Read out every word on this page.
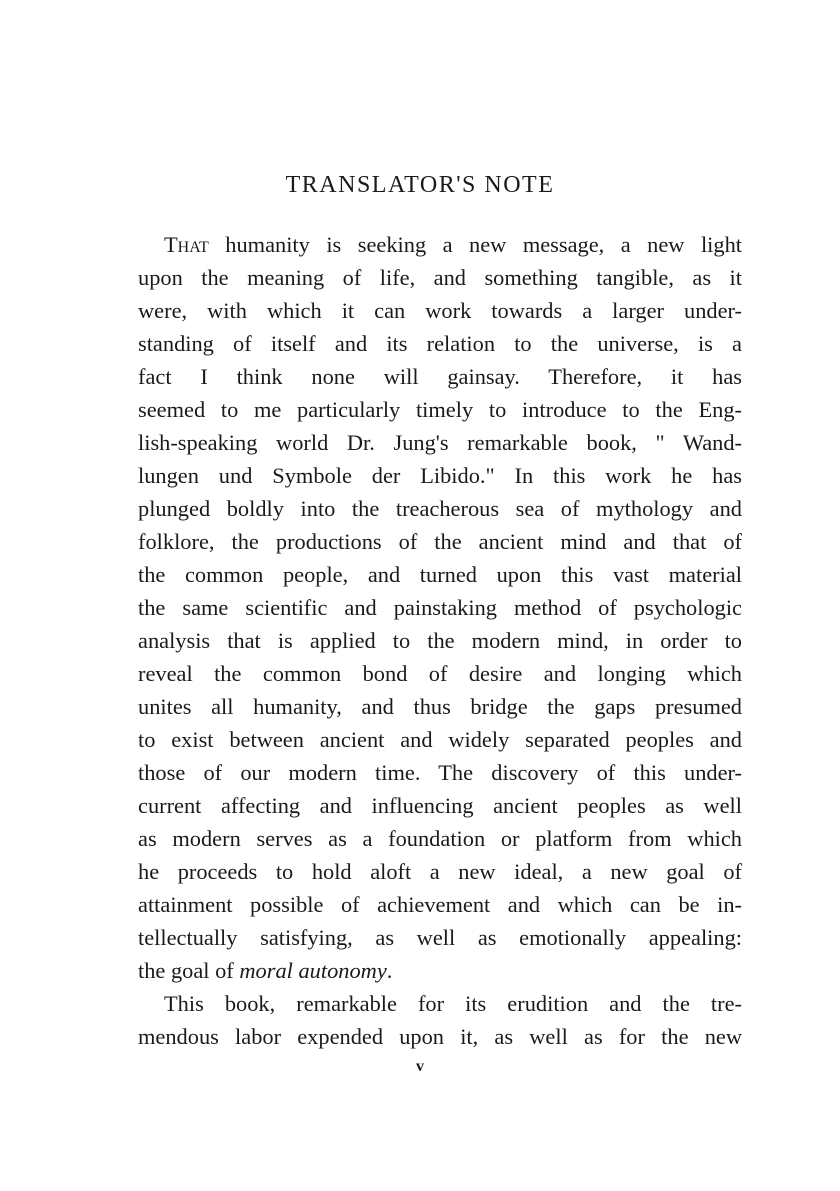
TRANSLATOR'S NOTE
That humanity is seeking a new message, a new light
upon the meaning of life, and something tangible, as it
were, with which it can work towards a larger under-
standing of itself and its relation to the universe, is a
fact I think none will gainsay. Therefore, it has
seemed to me particularly timely to introduce to the Eng-
lish-speaking world Dr. Jung's remarkable book, " Wand-
lungen und Symbole der Libido." In this work he has
plunged boldly into the treacherous sea of mythology and
folklore, the productions of the ancient mind and that of
the common people, and turned upon this vast material
the same scientific and painstaking method of psychologic
analysis that is applied to the modern mind, in order to
reveal the common bond of desire and longing which
unites all humanity, and thus bridge the gaps presumed
to exist between ancient and widely separated peoples and
those of our modern time. The discovery of this under-
current affecting and influencing ancient peoples as well
as modern serves as a foundation or platform from which
he proceeds to hold aloft a new ideal, a new goal of
attainment possible of achievement and which can be in-
tellectually satisfying, as well as emotionally appealing:
the goal of moral autonomy.
This book, remarkable for its erudition and the tre-
mendous labor expended upon it, as well as for the new
v
